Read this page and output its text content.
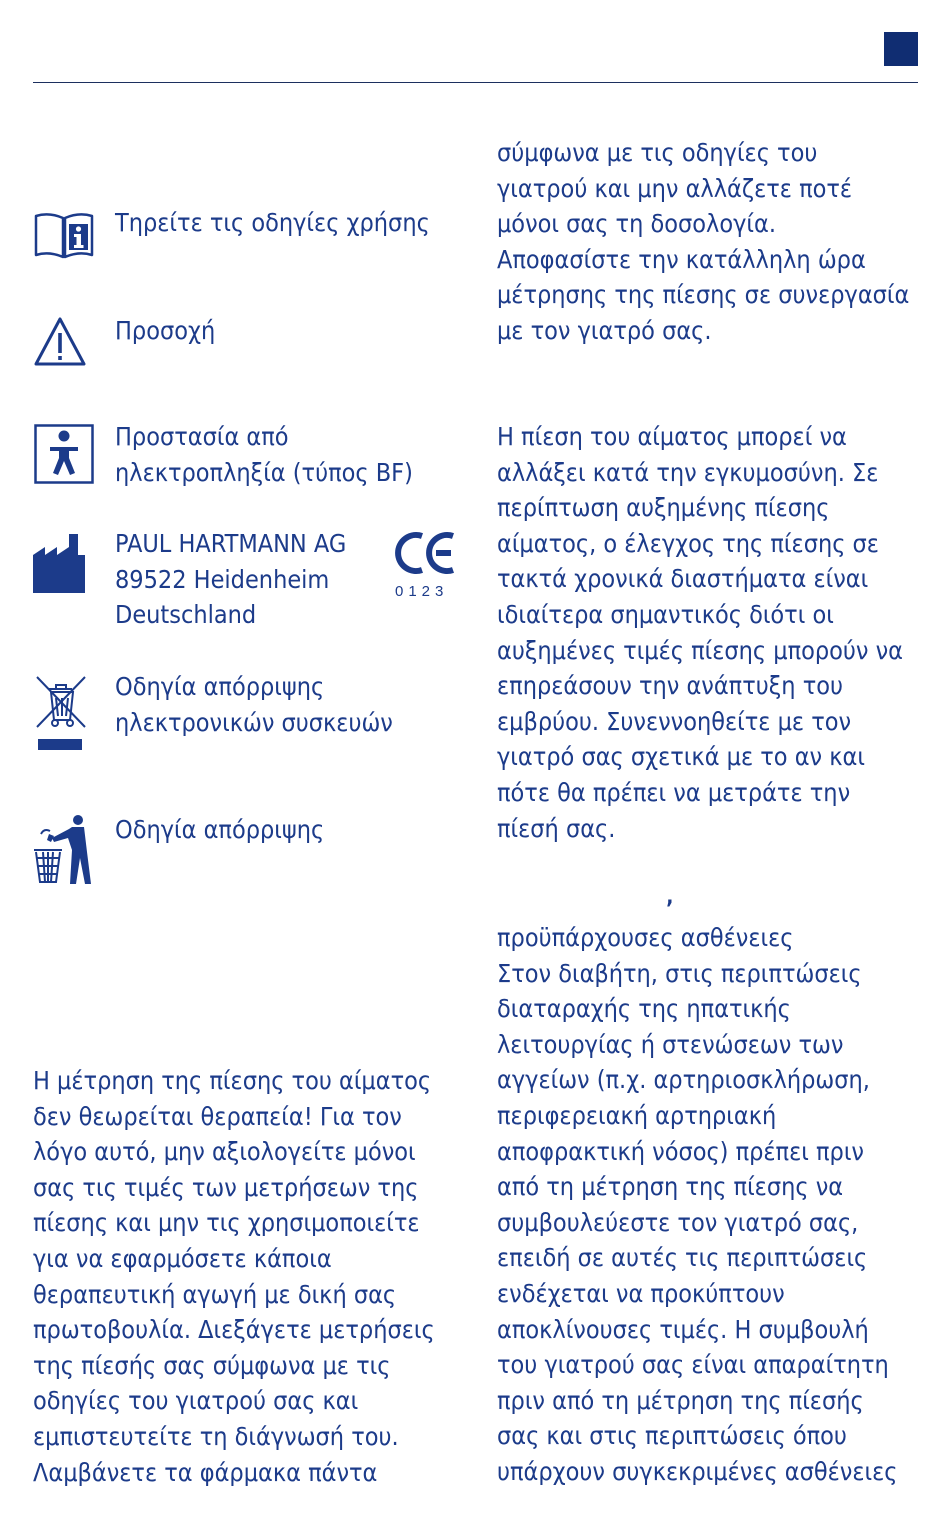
Τηρείτε τις οδηγίες χρήσης
Προσοχή
Προστασία από
ηλεκτροπληξία (τύπος BF)
PAUL HARTMANN AG
89522 Heidenheim
Deutschland
0123
Οδηγία απόρριψης
ηλεκτρονικών συσκευών
Οδηγία απόρριψης

Η μέτρηση της πίεσης του αίματος
δεν θεωρείται θεραπεία! Για τον
λόγο αυτό, μην αξιολογείτε μόνοι
σας τις τιμές των μετρήσεων της
πίεσης και μην τις χρησιμοποιείτε
για να εφαρμόσετε κάποια
θεραπευτική αγωγή με δική σας
πρωτοβουλία. Διεξάγετε μετρήσεις
της πίεσής σας σύμφωνα με τις
οδηγίες του γιατρού σας και
εμπιστευτείτε τη διάγνωσή του.
Λαμβάνετε τα φάρμακα πάντα

σύμφωνα με τις οδηγίες του
γιατρού και μην αλλάζετε ποτέ
μόνοι σας τη δοσολογία.
Αποφασίστε την κατάλληλη ώρα
μέτρησης της πίεσης σε συνεργασία
με τον γιατρό σας.

Η πίεση του αίματος μπορεί να
αλλάξει κατά την εγκυμοσύνη. Σε
περίπτωση αυξημένης πίεσης
αίματος, ο έλεγχος της πίεσης σε
τακτά χρονικά διαστήματα είναι
ιδιαίτερα σημαντικός διότι οι
αυξημένες τιμές πίεσης μπορούν να
επηρεάσουν την ανάπτυξη του
εμβρύου. Συνεννοηθείτε με τον
γιατρό σας σχετικά με το αν και
πότε θα πρέπει να μετράτε την
πίεσή σας.

ʼ

προϋπάρχουσες ασθένειες
Στον διαβήτη, στις περιπτώσεις
διαταραχής της ηπατικής
λειτουργίας ή στενώσεων των
αγγείων (π.χ. αρτηριοσκλήρωση,
περιφερειακή αρτηριακή
αποφρακτική νόσος) πρέπει πριν
από τη μέτρηση της πίεσης να
συμβουλεύεστε τον γιατρό σας,
επειδή σε αυτές τις περιπτώσεις
ενδέχεται να προκύπτουν
αποκλίνουσες τιμές. Η συμβουλή
του γιατρού σας είναι απαραίτητη
πριν από τη μέτρηση της πίεσής
σας και στις περιπτώσεις όπου
υπάρχουν συγκεκριμένες ασθένειες
